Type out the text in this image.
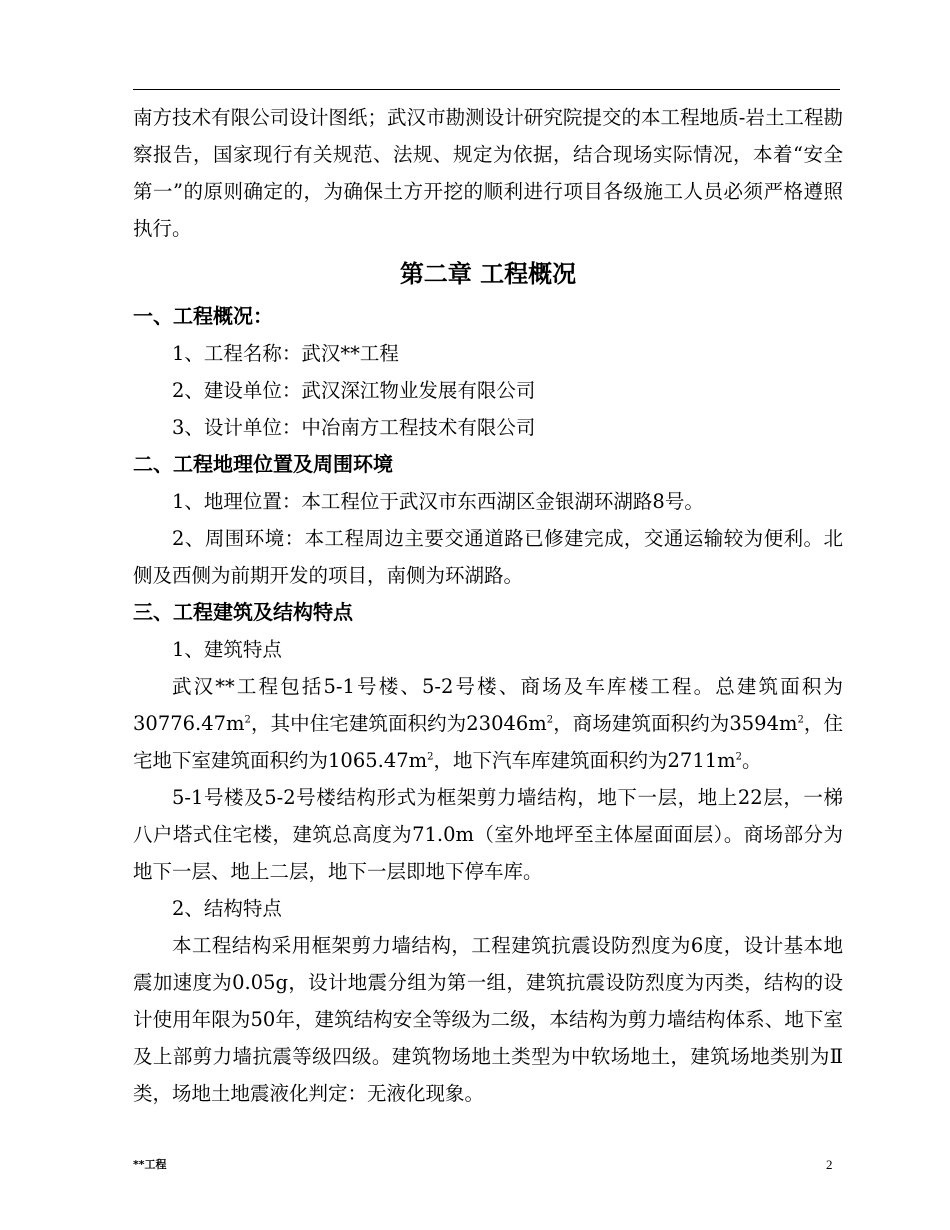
南方技术有限公司设计图纸；武汉市勘测设计研究院提交的本工程地质-岩土工程勘察报告，国家现行有关规范、法规、规定为依据，结合现场实际情况，本着“安全第一”的原则确定的，为确保土方开挖的顺利进行项目各级施工人员必须严格遵照执行。

第二章 工程概况
一、工程概况：

1、工程名称：武汉**工程

2、建设单位：武汉深江物业发展有限公司

3、设计单位：中冶南方工程技术有限公司

二、工程地理位置及周围环境

1、地理位置：本工程位于武汉市东西湖区金银湖环湖路8号。

2、周围环境：本工程周边主要交通道路已修建完成，交通运输较为便利。北侧及西侧为前期开发的项目，南侧为环湖路。

三、工程建筑及结构特点

1、建筑特点

武汉**工程包括5-1号楼、5-2号楼、商场及车库楼工程。总建筑面积为$30776.47m^2$，其中住宅建筑面积约为$23046m^2$，商场建筑面积约为$3594m^2$，住宅地下室建筑面积约为$1065.47m^2$，地下汽车库建筑面积约为$2711m^2$。

5-1号楼及5-2号楼结构形式为框架剪力墙结构，地下一层，地上22层，一梯八户塔式住宅楼，建筑总高度为71.0m（室外地坪至主体屋面面层）。商场部分为地下一层、地上二层，地下一层即地下停车库。

2、结构特点

本工程结构采用框架剪力墙结构，工程建筑抗震设防烈度为6度，设计基本地震加速度为0.05g，设计地震分组为第一组，建筑抗震设防烈度为丙类，结构的设计使用年限为50年，建筑结构安全等级为二级，本结构为剪力墙结构体系、地下室及上部剪力墙抗震等级四级。建筑物场地土类型为中软场地土，建筑场地类别为Ⅱ类，场地土地震液化判定：无液化现象。

**工程	2
